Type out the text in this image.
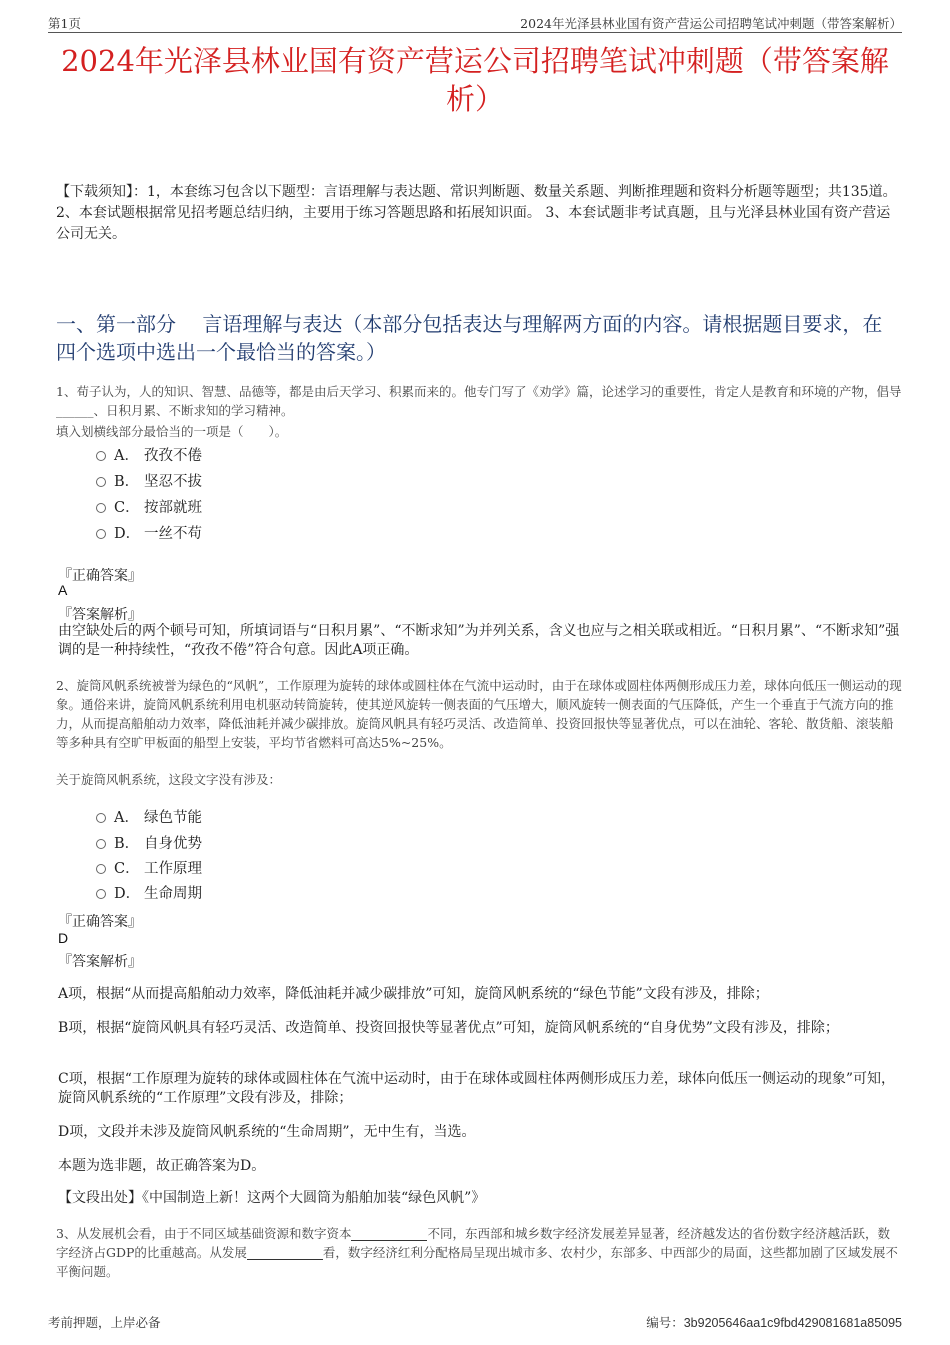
第1页	2024年光泽县林业国有资产营运公司招聘笔试冲刺题（带答案解析）
2024年光泽县林业国有资产营运公司招聘笔试冲刺题（带答案解析）
【下载须知】：1，本套练习包含以下题型：言语理解与表达题、常识判断题、数量关系题、判断推理题和资料分析题等题型；共135道。 2、本套试题根据常见招考题总结归纳，主要用于练习答题思路和拓展知识面。 3、本套试题非考试真题，且与光泽县林业国有资产营运公司无关。
一、第一部分　 言语理解与表达（本部分包括表达与理解两方面的内容。请根据题目要求，在四个选项中选出一个最恰当的答案。）
1、荀子认为，人的知识、智慧、品德等，都是由后天学习、积累而来的。他专门写了《劝学》篇，论述学习的重要性，肯定人是教育和环境的产物，倡导______、日积月累、不断求知的学习精神。
填入划横线部分最恰当的一项是（　　）。
A． 孜孜不倦
B． 坚忍不拔
C． 按部就班
D． 一丝不苟
『正确答案』
A
『答案解析』
由空缺处后的两个顿号可知，所填词语与“日积月累”、“不断求知”为并列关系，含义也应与之相关联或相近。“日积月累”、“不断求知”强调的是一种持续性，“孜孜不倦”符合句意。因此A项正确。
2、旋筒风帆系统被誉为绿色的“风帆”，工作原理为旋转的球体或圆柱体在气流中运动时，由于在球体或圆柱体两侧形成压力差，球体向低压一侧运动的现象。通俗来讲，旋筒风帆系统利用电机驱动转筒旋转，使其逆风旋转一侧表面的气压增大，顺风旋转一侧表面的气压降低，产生一个垂直于气流方向的推力，从而提高船舶动力效率，降低油耗并减少碳排放。旋筒风帆具有轻巧灵活、改造简单、投资回报快等显著优点，可以在油轮、客轮、散货船、滚装船等多种具有空旷甲板面的船型上安装，平均节省燃料可高达5%~25%。
关于旋筒风帆系统，这段文字没有涉及：
A． 绿色节能
B． 自身优势
C． 工作原理
D． 生命周期
『正确答案』
D
『答案解析』
A项，根据“从而提高船舶动力效率，降低油耗并减少碳排放”可知，旋筒风帆系统的“绿色节能”文段有涉及，排除；
B项，根据“旋筒风帆具有轻巧灵活、改造简单、投资回报快等显著优点”可知，旋筒风帆系统的“自身优势”文段有涉及，排除；
C项，根据“工作原理为旋转的球体或圆柱体在气流中运动时，由于在球体或圆柱体两侧形成压力差，球体向低压一侧运动的现象”可知，旋筒风帆系统的“工作原理”文段有涉及，排除；
D项，文段并未涉及旋筒风帆系统的“生命周期”，无中生有，当选。
本题为选非题，故正确答案为D。
【文段出处】《中国制造上新！这两个大圆筒为船舶加装“绿色风帆”》
3、从发展机会看，由于不同区域基础资源和数字资本	不同，东西部和城乡数字经济发展差异显著，经济越发达的省份数字经济越活跃，数字经济占GDP的比重越高。从发展	看，数字经济红利分配格局呈现出城市多、农村少，东部多、中西部少的局面，这些都加剧了区域发展不平衡问题。
考前押题，上岸必备	编号：3b9205646aa1c9fbd429081681a85095
